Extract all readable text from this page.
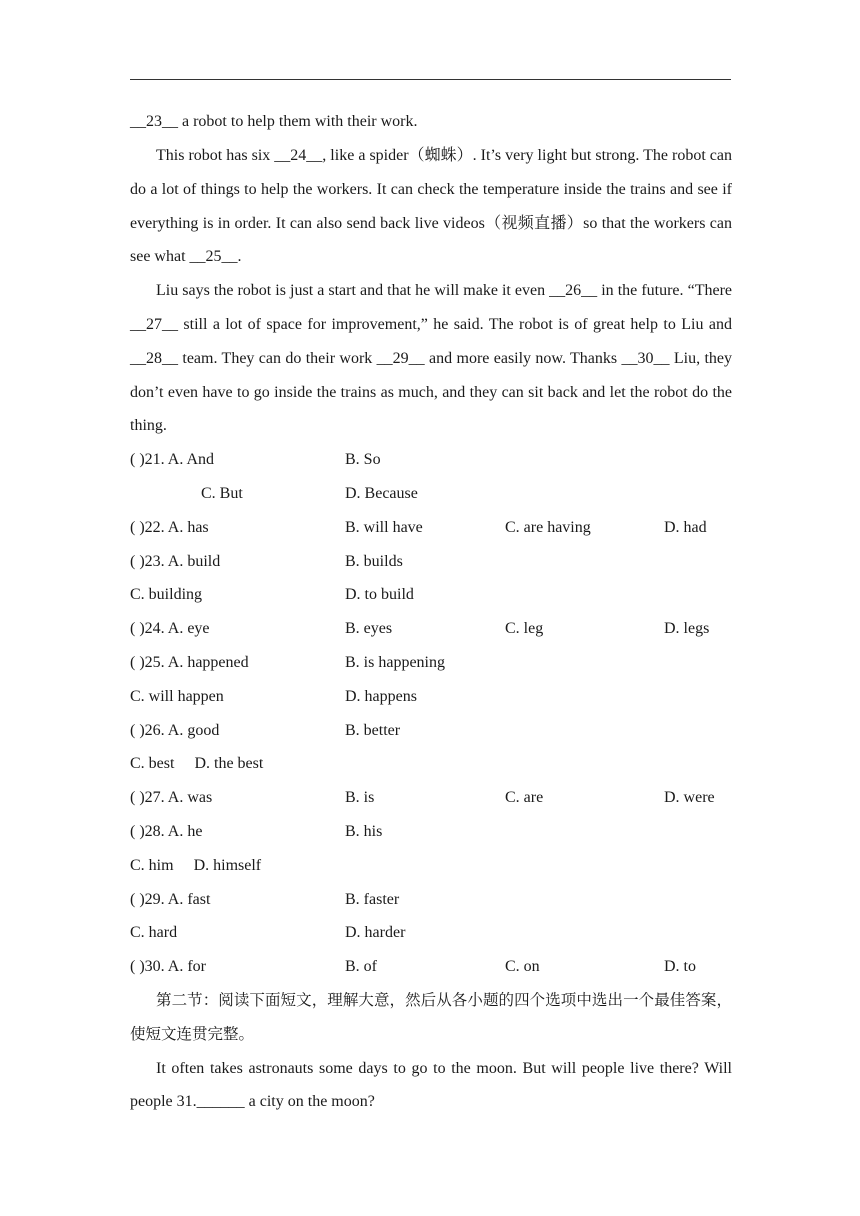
__23__ a robot to help them with their work.
This robot has six __24__, like a spider（蜘蛛）. It’s very light but strong. The robot can do a lot of things to help the workers. It can check the temperature inside the trains and see if everything is in order. It can also send back live videos（视频直播）so that the workers can see what __25__.
Liu says the robot is just a start and that he will make it even __26__ in the future. “There __27__ still a lot of space for improvement,” he said. The robot is of great help to Liu and __28__ team. They can do their work __29__ and more easily now. Thanks __30__ Liu, they don’t even have to go inside the trains as much, and they can sit back and let the robot do the thing.
( )21. A. And	B. So
C. But	D. Because
( )22. A. has	B. will have	C. are having	D. had
( )23. A. build	B. builds
C. building	D. to build
( )24. A. eye	B. eyes	C. leg	D. legs
( )25. A. happened	B. is happening
C. will happen	D. happens
( )26. A. good	B. better
C. best     D. the best
( )27. A. was	B. is	C. are	D. were
( )28. A. he	B. his
C. him     D. himself
( )29. A. fast	B. faster
C. hard	D. harder
( )30. A. for	B. of	C. on	D. to
第二节：阅读下面短文，理解大意，然后从各小题的四个选项中选出一个最佳答案，使短文连贯完整。
It often takes astronauts some days to go to the moon. But will people live there? Will people 31.______ a city on the moon?
